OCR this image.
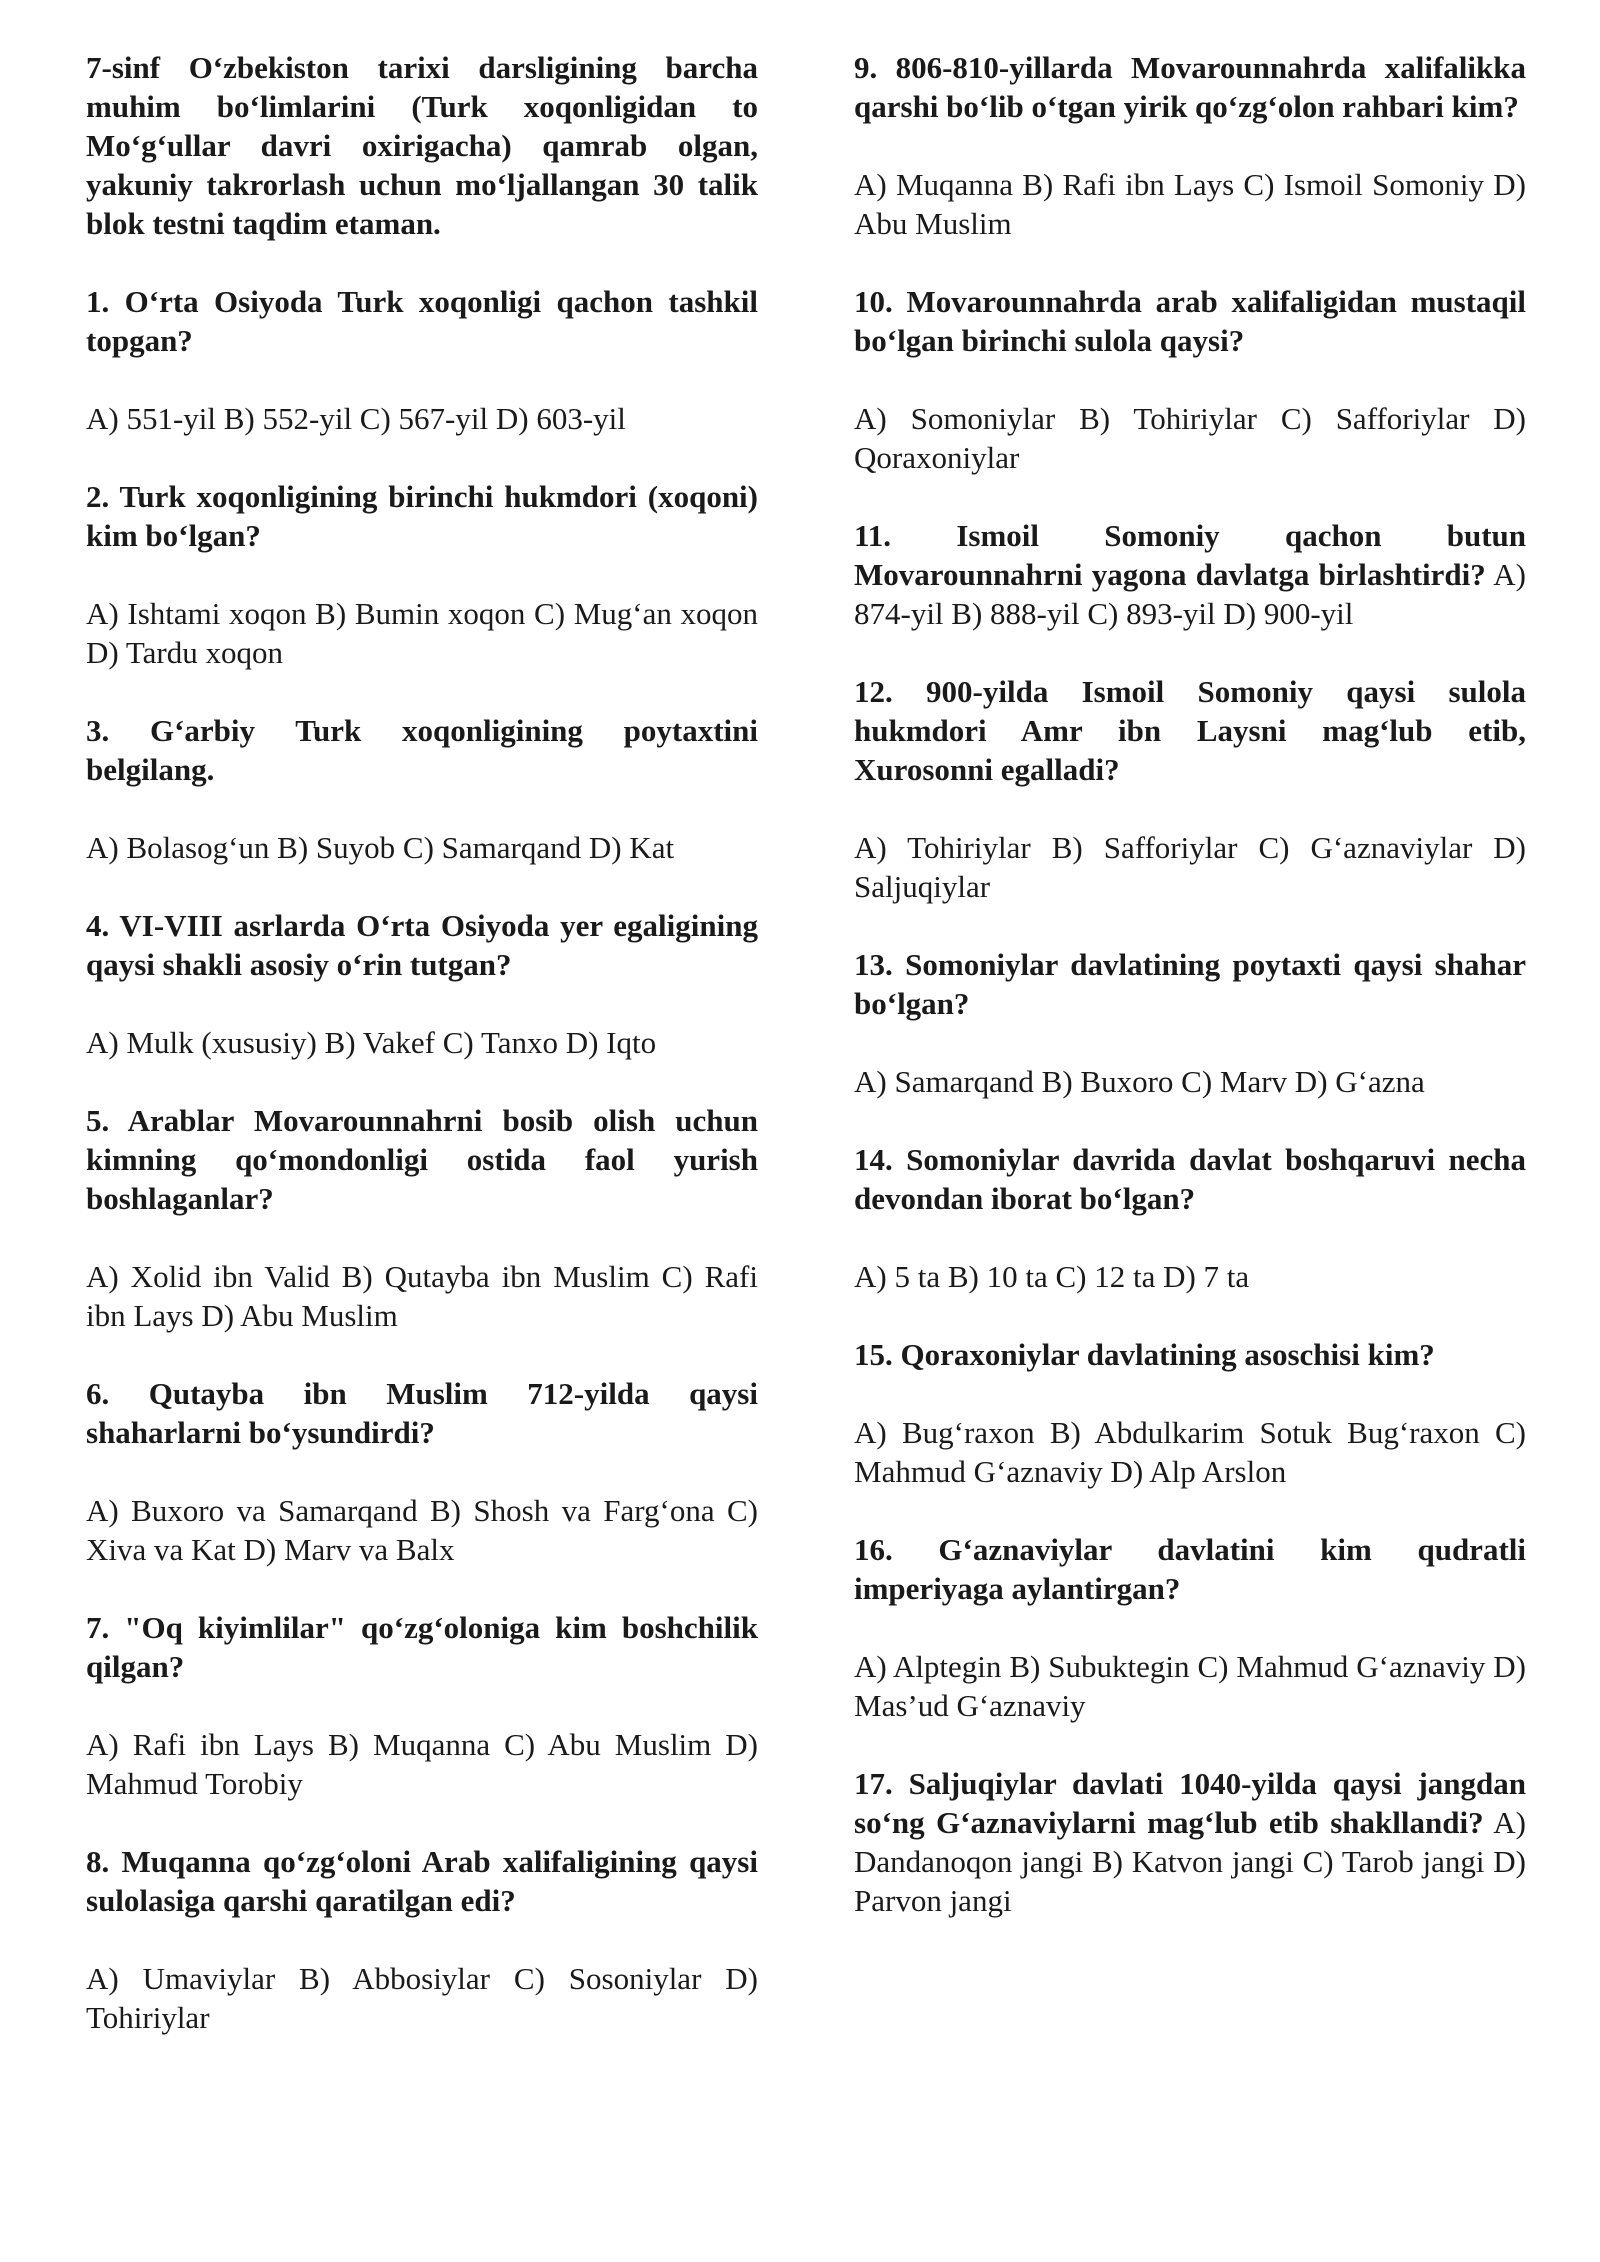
7-sinf O‘zbekiston tarixi darsligining barcha muhim bo‘limlarini (Turk xoqonligidan to Mo‘g‘ullar davri oxirigacha) qamrab olgan, yakuniy takrorlash uchun mo‘ljallangan 30 talik blok testni taqdim etaman.

1. O‘rta Osiyoda Turk xoqonligi qachon tashkil topgan?

A) 551-yil B) 552-yil C) 567-yil D) 603-yil

2. Turk xoqonligining birinchi hukmdori (xoqoni) kim bo‘lgan?

A) Ishtami xoqon B) Bumin xoqon C) Mug‘an xoqon D) Tardu xoqon

3. G‘arbiy Turk xoqonligining poytaxtini belgilang.

A) Bolasog‘un B) Suyob C) Samarqand D) Kat

4. VI-VIII asrlarda O‘rta Osiyoda yer egaligining qaysi shakli asosiy o‘rin tutgan?

A) Mulk (xususiy) B) Vakef C) Tanxo D) Iqto

5. Arablar Movarounnahrni bosib olish uchun kimning qo‘mondonligi ostida faol yurish boshlaganlar?

A) Xolid ibn Valid B) Qutayba ibn Muslim C) Rafi ibn Lays D) Abu Muslim

6. Qutayba ibn Muslim 712-yilda qaysi shaharlarni bo‘ysundirdi?

A) Buxoro va Samarqand B) Shosh va Farg‘ona C) Xiva va Kat D) Marv va Balx

7. "Oq kiyimlilar" qo‘zg‘oloniga kim boshchilik qilgan?

A) Rafi ibn Lays B) Muqanna C) Abu Muslim D) Mahmud Torobiy

8. Muqanna qo‘zg‘oloni Arab xalifaligining qaysi sulolasiga qarshi qaratilgan edi?

A) Umaviylar B) Abbosiylar C) Sosoniylar D) Tohiriylar

9. 806-810-yillarda Movarounnahrda xalifalikka qarshi bo‘lib o‘tgan yirik qo‘zg‘olon rahbari kim?

A) Muqanna B) Rafi ibn Lays C) Ismoil Somoniy D) Abu Muslim

10. Movarounnahrda arab xalifaligidan mustaqil bo‘lgan birinchi sulola qaysi?

A) Somoniylar B) Tohiriylar C) Safforiylar D) Qoraxoniylar

11. Ismoil Somoniy qachon butun Movarounnahrni yagona davlatga birlashtirdi? A) 874-yil B) 888-yil C) 893-yil D) 900-yil

12. 900-yilda Ismoil Somoniy qaysi sulola hukmdori Amr ibn Laysni mag‘lub etib, Xurosonni egalladi?

A) Tohiriylar B) Safforiylar C) G‘aznaviylar D) Saljuqiylar

13. Somoniylar davlatining poytaxti qaysi shahar bo‘lgan?

A) Samarqand B) Buxoro C) Marv D) G‘azna

14. Somoniylar davrida davlat boshqaruvi necha devondan iborat bo‘lgan?

A) 5 ta B) 10 ta C) 12 ta D) 7 ta

15. Qoraxoniylar davlatining asoschisi kim?

A) Bug‘raxon B) Abdulkarim Sotuk Bug‘raxon C) Mahmud G‘aznaviy D) Alp Arslon

16. G‘aznaviylar davlatini kim qudratli imperiyaga aylantirgan?

A) Alptegin B) Subuktegin C) Mahmud G‘aznaviy D) Mas’ud G‘aznaviy

17. Saljuqiylar davlati 1040-yilda qaysi jangdan so‘ng G‘aznaviylarni mag‘lub etib shakllandi? A) Dandanoqon jangi B) Katvon jangi C) Tarob jangi D) Parvon jangi
